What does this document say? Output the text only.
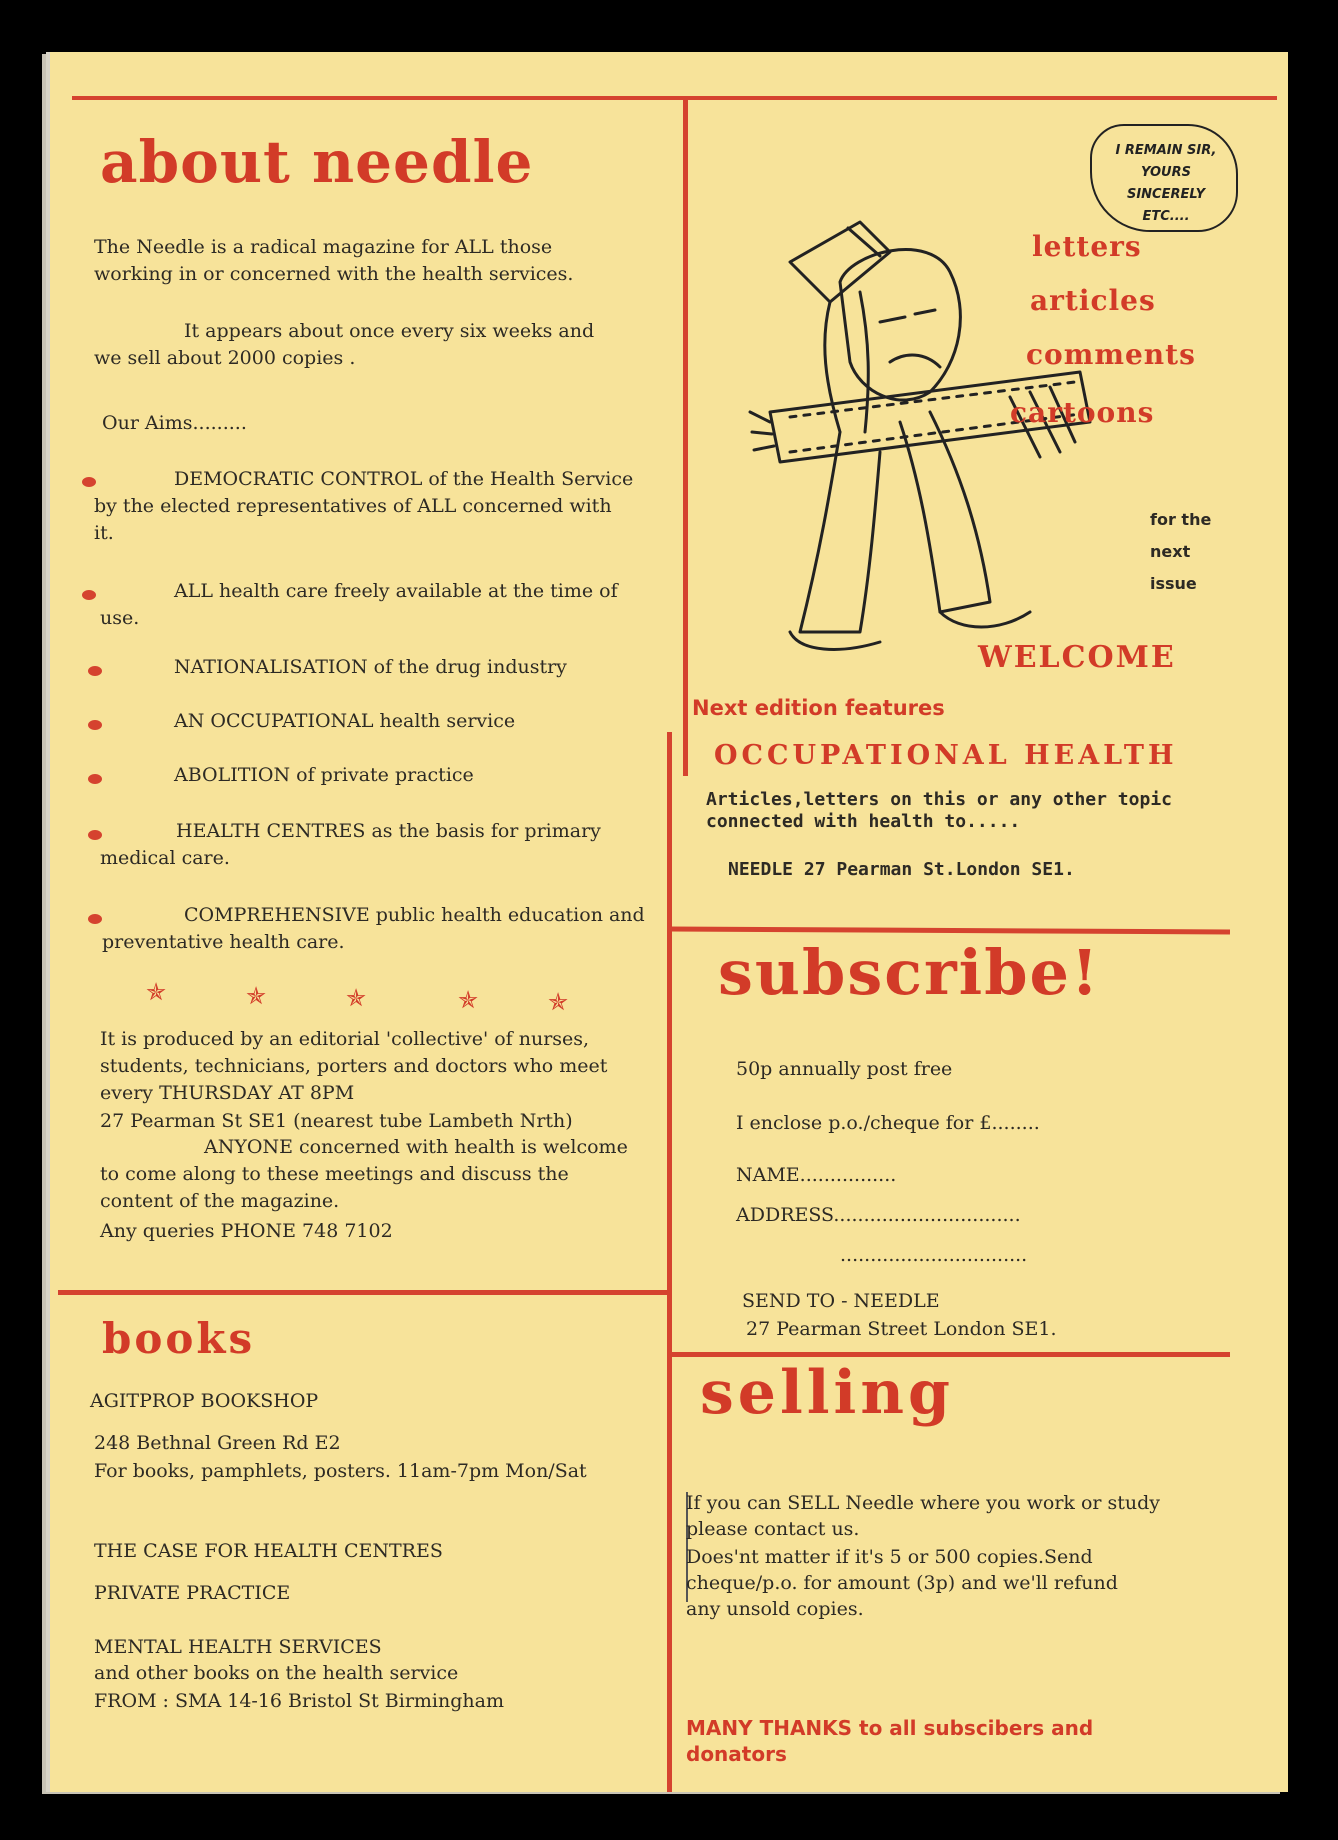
about needle

The Needle is a radical magazine for ALL those working in or concerned with the health services.

It appears about once every six weeks and we sell about 2000 copies .

Our Aims.........

DEMOCRATIC CONTROL of the Health Service by the elected representatives of ALL concerned with it.

ALL health care freely available at the time of use.

NATIONALISATION of the drug industry

AN OCCUPATIONAL health service

ABOLITION of private practice

HEALTH CENTRES as the basis for primary medical care.

COMPREHENSIVE public health education and preventative health care.

✯	✯	✯	✯	✯

It is produced by an editorial 'collective' of nurses, students, technicians, porters and doctors who meet every THURSDAY AT 8PM

27 Pearman St SE1 (nearest tube Lambeth Nrth)

ANYONE concerned with health is welcome to come along to these meetings and discuss the content of the magazine.

Any queries PHONE 748 7102

books

AGITPROP BOOKSHOP

248 Bethnal Green Rd E2

For books, pamphlets, posters. 11am-7pm Mon/Sat

THE CASE FOR HEALTH CENTRES

PRIVATE PRACTICE

MENTAL HEALTH SERVICES

and other books on the health service

FROM : SMA 14-16 Bristol St Birmingham

I REMAIN SIR, YOURS SINCERELY ETC....

letters

articles

comments

cartoons

for the

next

issue

WELCOME

Next edition features

OCCUPATIONAL HEALTH

Articles,letters on this or any other topic

connected with health to.....

NEEDLE 27 Pearman St.London SE1.

subscribe!

50p annually post free

I enclose p.o./cheque for £........

NAME................

ADDRESS...............................

...............................

SEND TO - NEEDLE

27 Pearman Street London SE1.

selling

If you can SELL Needle where you work or study

please contact us.

Does'nt matter if it's 5 or 500 copies.Send

cheque/p.o. for amount (3p) and we'll refund

any unsold copies.

MANY THANKS to all subscibers and

donators
